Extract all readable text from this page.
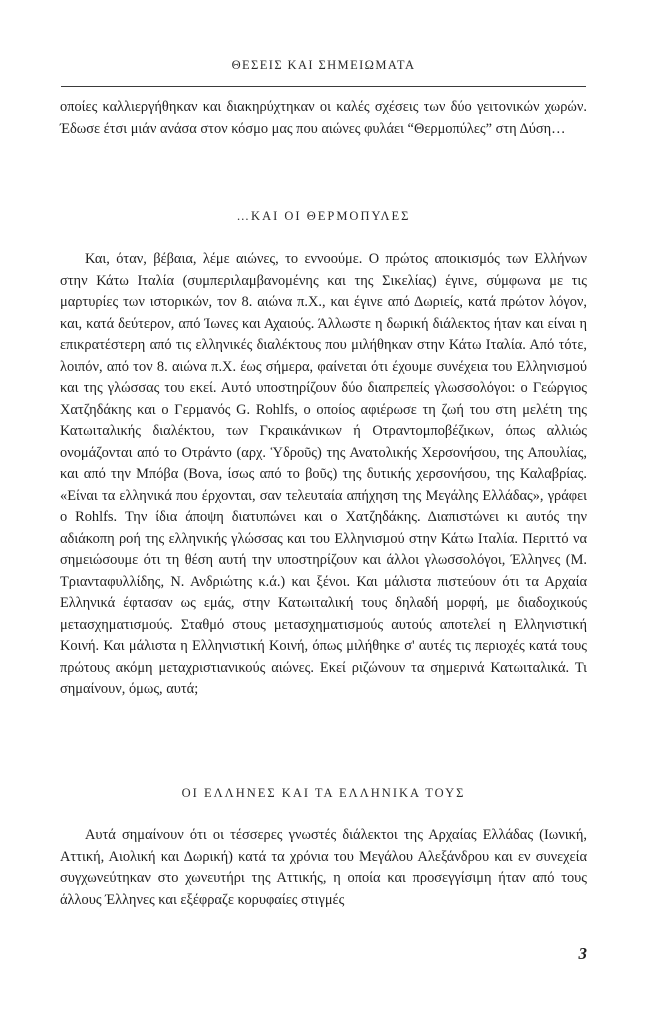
ΘΕΣΕΙΣ ΚΑΙ ΣΗΜΕΙΩΜΑΤΑ

οποίες καλλιεργήθηκαν και διακηρύχτηκαν οι καλές σχέσεις των δύο γειτονικών χωρών. Έδωσε έτσι μιάν ανάσα στον κόσμο μας που αιώνες φυλάει “Θερμοπύλες” στη Δύση…

…ΚΑΙ ΟΙ ΘΕΡΜΟΠΥΛΕΣ

Και, όταν, βέβαια, λέμε αιώνες, το εννοούμε. Ο πρώτος αποικισμός των Ελλήνων στην Κάτω Ιταλία (συμπεριλαμβανομένης και της Σικελίας) έγινε, σύμφωνα με τις μαρτυρίες των ιστορικών, τον 8. αιώνα π.Χ., και έγινε από Δωριείς, κατά πρώτον λόγον, και, κατά δεύτερον, από Ίωνες και Αχαιούς. Άλλωστε η δωρική διάλεκτος ήταν και είναι η επικρατέστερη από τις ελληνικές διαλέκτους που μιλήθηκαν στην Κάτω Ιταλία. Από τότε, λοιπόν, από τον 8. αιώνα π.Χ. έως σήμερα, φαίνεται ότι έχουμε συνέχεια του Ελληνισμού και της γλώσσας του εκεί. Αυτό υποστηρίζουν δύο διαπρεπείς γλωσσολόγοι: ο Γεώργιος Χατζηδάκης και ο Γερμανός G. Rohlfs, ο οποίος αφιέρωσε τη ζωή του στη μελέτη της Κατωιταλικής διαλέκτου, των Γκραικάνικων ή Οτραντομποβέζικων, όπως αλλιώς ονομάζονται από το Οτράντο (αρχ. Ὑδροῦς) της Ανατολικής Χερσονήσου, της Απουλίας, και από την Μπόβα (Bova, ίσως από το βοῦς) της δυτικής χερσονήσου, της Καλαβρίας. «Είναι τα ελληνικά που έρχονται, σαν τελευταία απήχηση της Μεγάλης Ελλάδας», γράφει ο Rohlfs. Την ίδια άποψη διατυπώνει και ο Χατζηδάκης. Διαπιστώνει κι αυτός την αδιάκοπη ροή της ελληνικής γλώσσας και του Ελληνισμού στην Κάτω Ιταλία. Περιττό να σημειώσουμε ότι τη θέση αυτή την υποστηρίζουν και άλλοι γλωσσολόγοι, Έλληνες (Μ. Τριανταφυλλίδης, Ν. Ανδριώτης κ.ά.) και ξένοι. Και μάλιστα πιστεύουν ότι τα Αρχαία Ελληνικά έφτασαν ως εμάς, στην Κατωιταλική τους δηλαδή μορφή, με διαδοχικούς μετασχηματισμούς. Σταθμό στους μετασχηματισμούς αυτούς αποτελεί η Ελληνιστική Κοινή. Και μάλιστα η Ελληνιστική Κοινή, όπως μιλήθηκε σ' αυτές τις περιοχές κατά τους πρώτους ακόμη μεταχριστιανικούς αιώνες. Εκεί ριζώνουν τα σημερινά Κατωιταλικά. Τι σημαίνουν, όμως, αυτά;

ΟΙ ΕΛΛΗΝΕΣ ΚΑΙ ΤΑ ΕΛΛΗΝΙΚΑ ΤΟΥΣ

Αυτά σημαίνουν ότι οι τέσσερες γνωστές διάλεκτοι της Αρχαίας Ελλάδας (Ιωνική, Αττική, Αιολική και Δωρική) κατά τα χρόνια του Μεγάλου Αλεξάνδρου και εν συνεχεία συγχωνεύτηκαν στο χωνευτήρι της Αττικής, η οποία και προσεγγίσιμη ήταν από τους άλλους Έλληνες και εξέφραζε κορυφαίες στιγμές

3
